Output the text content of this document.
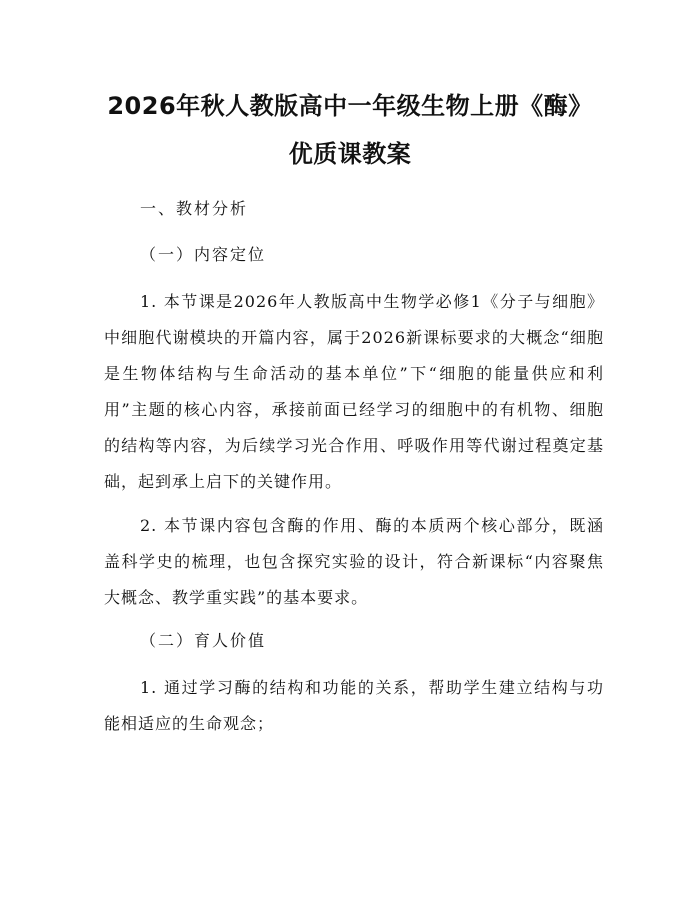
2026年秋人教版高中一年级生物上册《酶》
优质课教案
一、教材分析
（一）内容定位

1. 本节课是2026年人教版高中生物学必修1《分子与细胞》中细胞代谢模块的开篇内容，属于2026新课标要求的大概念“细胞是生物体结构与生命活动的基本单位”下“细胞的能量供应和利用”主题的核心内容，承接前面已经学习的细胞中的有机物、细胞的结构等内容，为后续学习光合作用、呼吸作用等代谢过程奠定基础，起到承上启下的关键作用。

2. 本节课内容包含酶的作用、酶的本质两个核心部分，既涵盖科学史的梳理，也包含探究实验的设计，符合新课标“内容聚焦大概念、教学重实践”的基本要求。

（二）育人价值

1. 通过学习酶的结构和功能的关系，帮助学生建立结构与功能相适应的生命观念；
